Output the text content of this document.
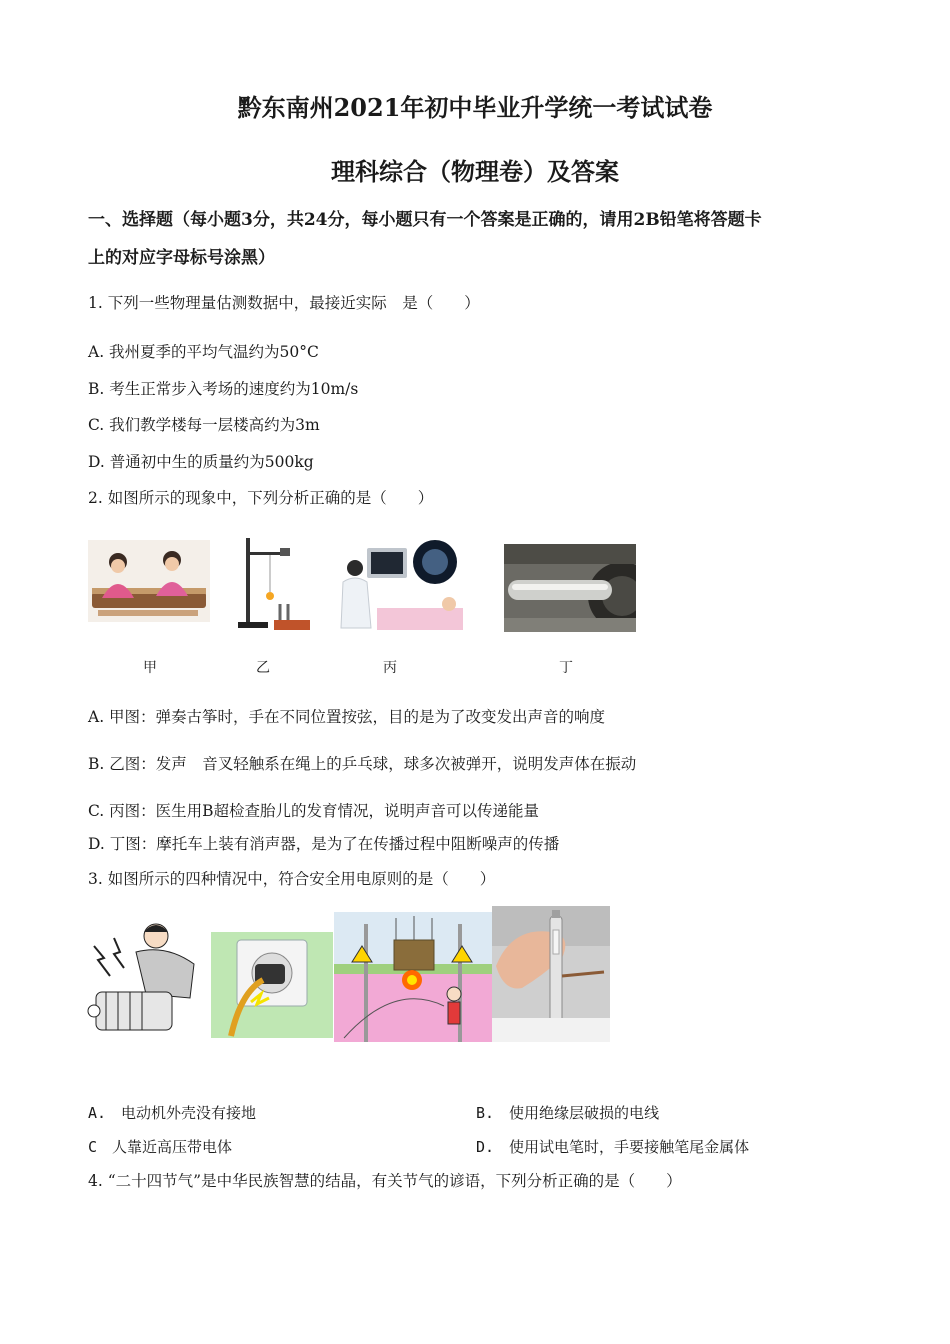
黔东南州2021年初中毕业升学统一考试试卷
理科综合（物理卷）及答案
一、选择题（每小题3分，共24分，每小题只有一个答案是正确的，请用2B铅笔将答题卡
上的对应字母标号涂黑）
1. 下列一些物理量估测数据中，最接近实际　是（　　）
A. 我州夏季的平均气温约为50°C
B. 考生正常步入考场的速度约为10m/s
C. 我们教学楼每一层楼高约为3m
D. 普通初中生的质量约为500kg
2. 如图所示的现象中，下列分析正确的是（　　）
甲	乙	丙	丁
A. 甲图：弹奏古筝时，手在不同位置按弦，目的是为了改变发出声音的响度
B. 乙图：发声　音叉轻触系在绳上的乒乓球，球多次被弹开，说明发声体在振动
C. 丙图：医生用B超检查胎儿的发育情况，说明声音可以传递能量
D. 丁图：摩托车上装有消声器，是为了在传播过程中阻断噪声的传播
3. 如图所示的四种情况中，符合安全用电原则的是（　　）
A.　电动机外壳没有接地	B.　使用绝缘层破损的电线
C　人靠近高压带电体	D.　使用试电笔时，手要接触笔尾金属体
4. “二十四节气”是中华民族智慧的结晶，有关节气的谚语，下列分析正确的是（　　）
